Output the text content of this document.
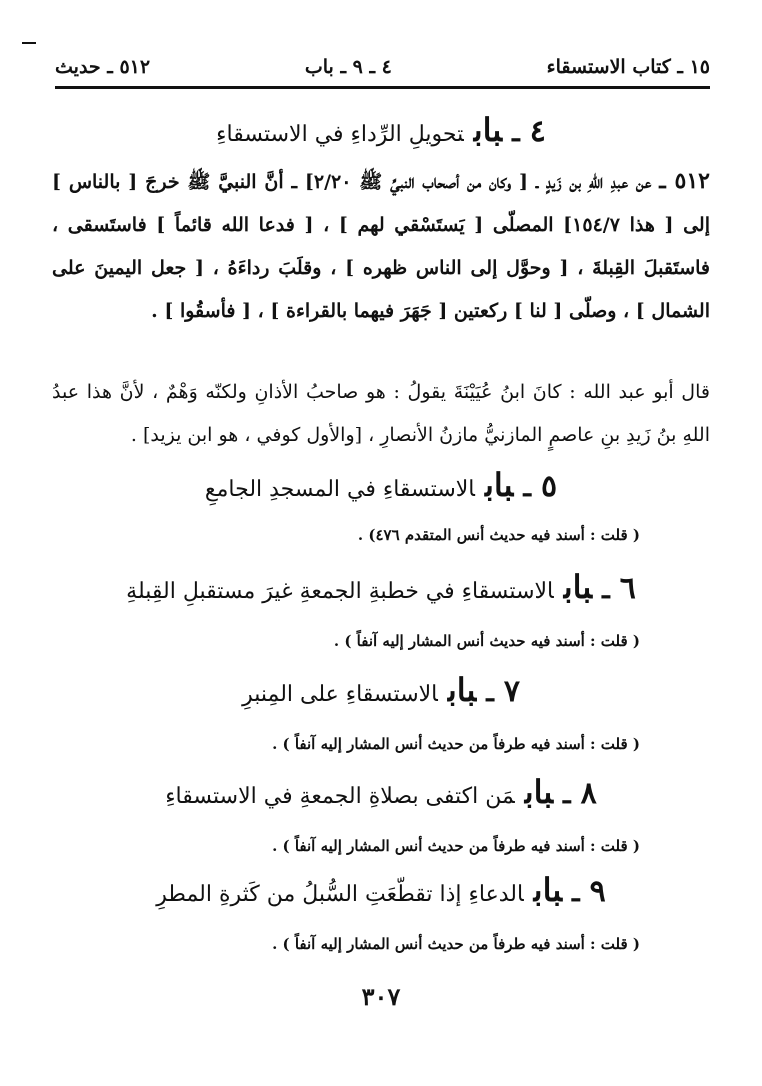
١٥ ـ كتاب الاستسقاء
٤ ـ ٩ ـ باب
٥١٢ ـ حديث
٤ـبابتحويلِ الرِّداءِ في الاستسقاءِ
٥١٢ ـ عن عبدِ اللهِ بن زَيدٍ ـ [ وكان من أصحاب النبيِّ ﷺ ٢/٢٠] ـ أنَّ النبيَّ ﷺ خرجَ [ بالناس ] إلى [ هذا ١٥٤/٧] المصلّى [ يَستَسْقي لهم ] ، [ فدعا الله قائماً ] فاستَسقى ، فاستَقبلَ القِبلةَ ، [ وحوَّل إلى الناس ظهره ] ، وقلَبَ رداءَهُ ، [ جعل اليمينَ على الشمال ] ، وصلّى [ لنا ] ركعتين [ جَهَرَ فيهما بالقراءة ] ، [ فأسقُوا ] .
قال أبو عبد الله : كانَ ابنُ عُيَيْنَةَ يقولُ : هو صاحبُ الأذانِ ولكنّه وَهْمٌ ، لأنَّ هذا عبدُ اللهِ بنُ زَيدِ بنِ عاصمٍ المازنيُّ مازنُ الأنصارِ ، [والأول كوفي ، هو ابن يزيد] .
٥ـبابالاستسقاءِ في المسجدِ الجامعِ
( قلت : أسند فيه حديث أنس المتقدم ٤٧٦) .
٦ـبابالاستسقاءِ في خطبةِ الجمعةِ غيرَ مستقبلِ القِبلةِ
( قلت : أسند فيه حديث أنس المشار إليه آنفاً ) .
٧ـبابالاستسقاءِ على المِنبرِ
( قلت : أسند فيه طرفاً من حديث أنس المشار إليه آنفاً ) .
٨ـبابمَن اكتفى بصلاةِ الجمعةِ في الاستسقاءِ
( قلت : أسند فيه طرفاً من حديث أنس المشار إليه آنفاً ) .
٩ـبابالدعاءِ إذا تقطّعَتِ السُّبلُ من كَثرةِ المطرِ
( قلت : أسند فيه طرفاً من حديث أنس المشار إليه آنفاً ) .
٣٠٧
